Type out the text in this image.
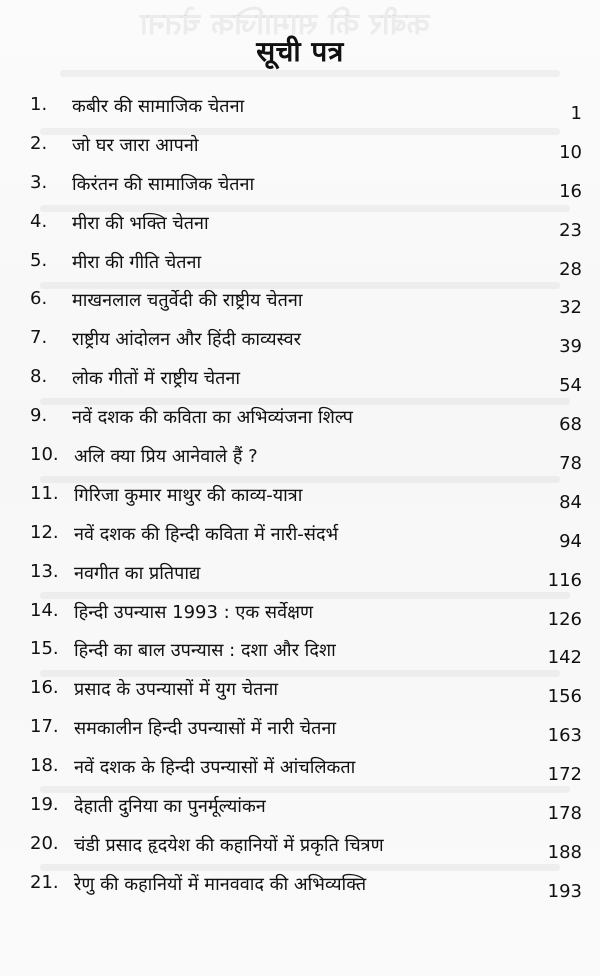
कबीर की सामाजिक चेतना
सूची पत्र
1. कबीर की सामाजिक चेतना	1
2. जो घर जारा आपनो	10
3. किरंतन की सामाजिक चेतना	16
4. मीरा की भक्ति चेतना	23
5. मीरा की गीति चेतना	28
6. माखनलाल चतुर्वेदी की राष्ट्रीय चेतना	32
7. राष्ट्रीय आंदोलन और हिंदी काव्यस्वर	39
8. लोक गीतों में राष्ट्रीय चेतना	54
9. नवें दशक की कविता का अभिव्यंजना शिल्प	68
10. अलि क्या प्रिय आनेवाले हैं ?	78
11. गिरिजा कुमार माथुर की काव्य-यात्रा	84
12. नवें दशक की हिन्दी कविता में नारी-संदर्भ	94
13. नवगीत का प्रतिपाद्य	116
14. हिन्दी उपन्यास 1993 : एक सर्वेक्षण	126
15. हिन्दी का बाल उपन्यास : दशा और दिशा	142
16. प्रसाद के उपन्यासों में युग चेतना	156
17. समकालीन हिन्दी उपन्यासों में नारी चेतना	163
18. नवें दशक के हिन्दी उपन्यासों में आंचलिकता	172
19. देहाती दुनिया का पुनर्मूल्यांकन	178
20. चंडी प्रसाद हृदयेश की कहानियों में प्रकृति चित्रण	188
21. रेणु की कहानियों में मानववाद की अभिव्यक्ति	193
